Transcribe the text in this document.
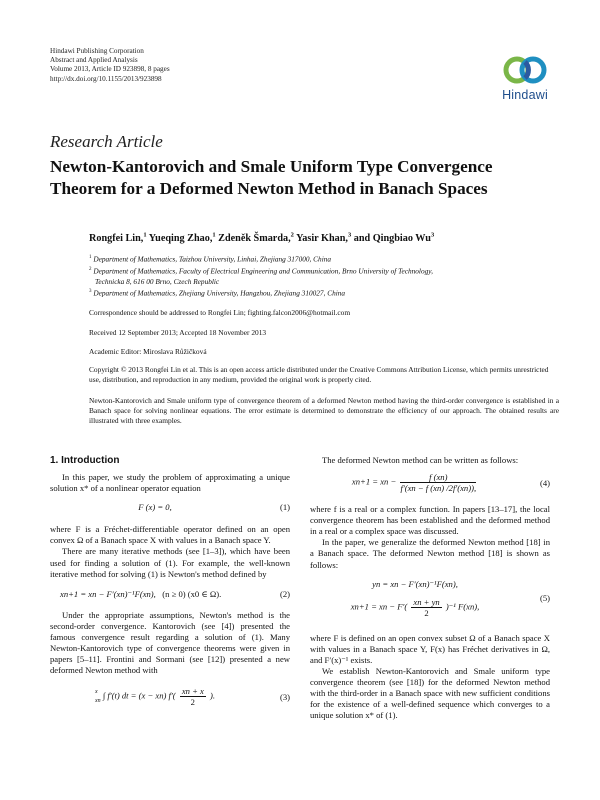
Hindawi Publishing Corporation
Abstract and Applied Analysis
Volume 2013, Article ID 923898, 8 pages
http://dx.doi.org/10.1155/2013/923898
Hindawi
Research Article
Newton-Kantorovich and Smale Uniform Type Convergence
Theorem for a Deformed Newton Method in Banach Spaces
Rongfei Lin,$^1$ Yueqing Zhao,$^1$ Zdeněk Šmarda,$^2$ Yasir Khan,$^3$ and Qingbiao Wu$^3$
$^1$ Department of Mathematics, Taizhou University, Linhai, Zhejiang 317000, China
$^2$ Department of Mathematics, Faculty of Electrical Engineering and Communication, Brno University of Technology,
Technicka 8, 616 00 Brno, Czech Republic
$^3$ Department of Mathematics, Zhejiang University, Hangzhou, Zhejiang 310027, China
Correspondence should be addressed to Rongfei Lin; fighting.falcon2006@hotmail.com
Received 12 September 2013; Accepted 18 November 2013
Academic Editor: Miroslava Růžičková
Copyright © 2013 Rongfei Lin et al. This is an open access article distributed under the Creative Commons Attribution License, which permits unrestricted use, distribution, and reproduction in any medium, provided the original work is properly cited.
Newton-Kantorovich and Smale uniform type of convergence theorem of a deformed Newton method having the third-order convergence is established in a Banach space for solving nonlinear equations. The error estimate is determined to demonstrate the efficiency of our approach. The obtained results are illustrated with three examples.
1. Introduction

In this paper, we study the problem of approximating a unique solution x* of a nonlinear operator equation

F (x) = 0,	(1)

where F is a Fréchet-differentiable operator defined on an open convex Ω of a Banach space X with values in a Banach space Y.

There are many iterative methods (see [1–3]), which have been used for finding a solution of (1). For example, the well-known iterative method for solving (1) is Newton's method defined by

xn+1 = xn − F′(xn)⁻¹F(xn), (n ≥ 0) (x0 ∈ Ω).	(2)

Under the appropriate assumptions, Newton's method is the second-order convergence. Kantorovich (see [4]) presented the famous convergence result regarding a solution of (1). Many Newton-Kantorovich type of convergence theorems were given in papers [5–11]. Frontini and Sormani (see [12]) presented a new deformed Newton method with

x
xn
∫ f′(t) dt = (x − xn) $f'( \frac{xn + x}{2}$ ).	(3)

The deformed Newton method can be written as follows:

xn+1 = xn − $\frac{f (xn)}{f'(xn - f (xn) /2f'(xn)),}$	(4)

where f is a real or a complex function. In papers [13–17], the local convergence theorem has been established and the deformed method in a real or a complex space was discussed.

In the paper, we generalize the deformed Newton method [18] in a Banach space. The deformed Newton method [18] is shown as follows:

yn = xn − F′(xn)⁻¹F(xn),
xn+1 = xn − $F'( \frac{xn + yn}{2} )^{-1}$ F(xn),
(5)

where F is defined on an open convex subset Ω of a Banach space X with values in a Banach space Y, F(x) has Fréchet derivatives in Ω, and F′(x)⁻¹ exists.

We establish Newton-Kantorovich and Smale uniform type convergence theorem (see [18]) for the deformed Newton method with the third-order in a Banach space with new sufficient conditions for the existence of a well-defined sequence which converges to a unique solution x* of (1).
